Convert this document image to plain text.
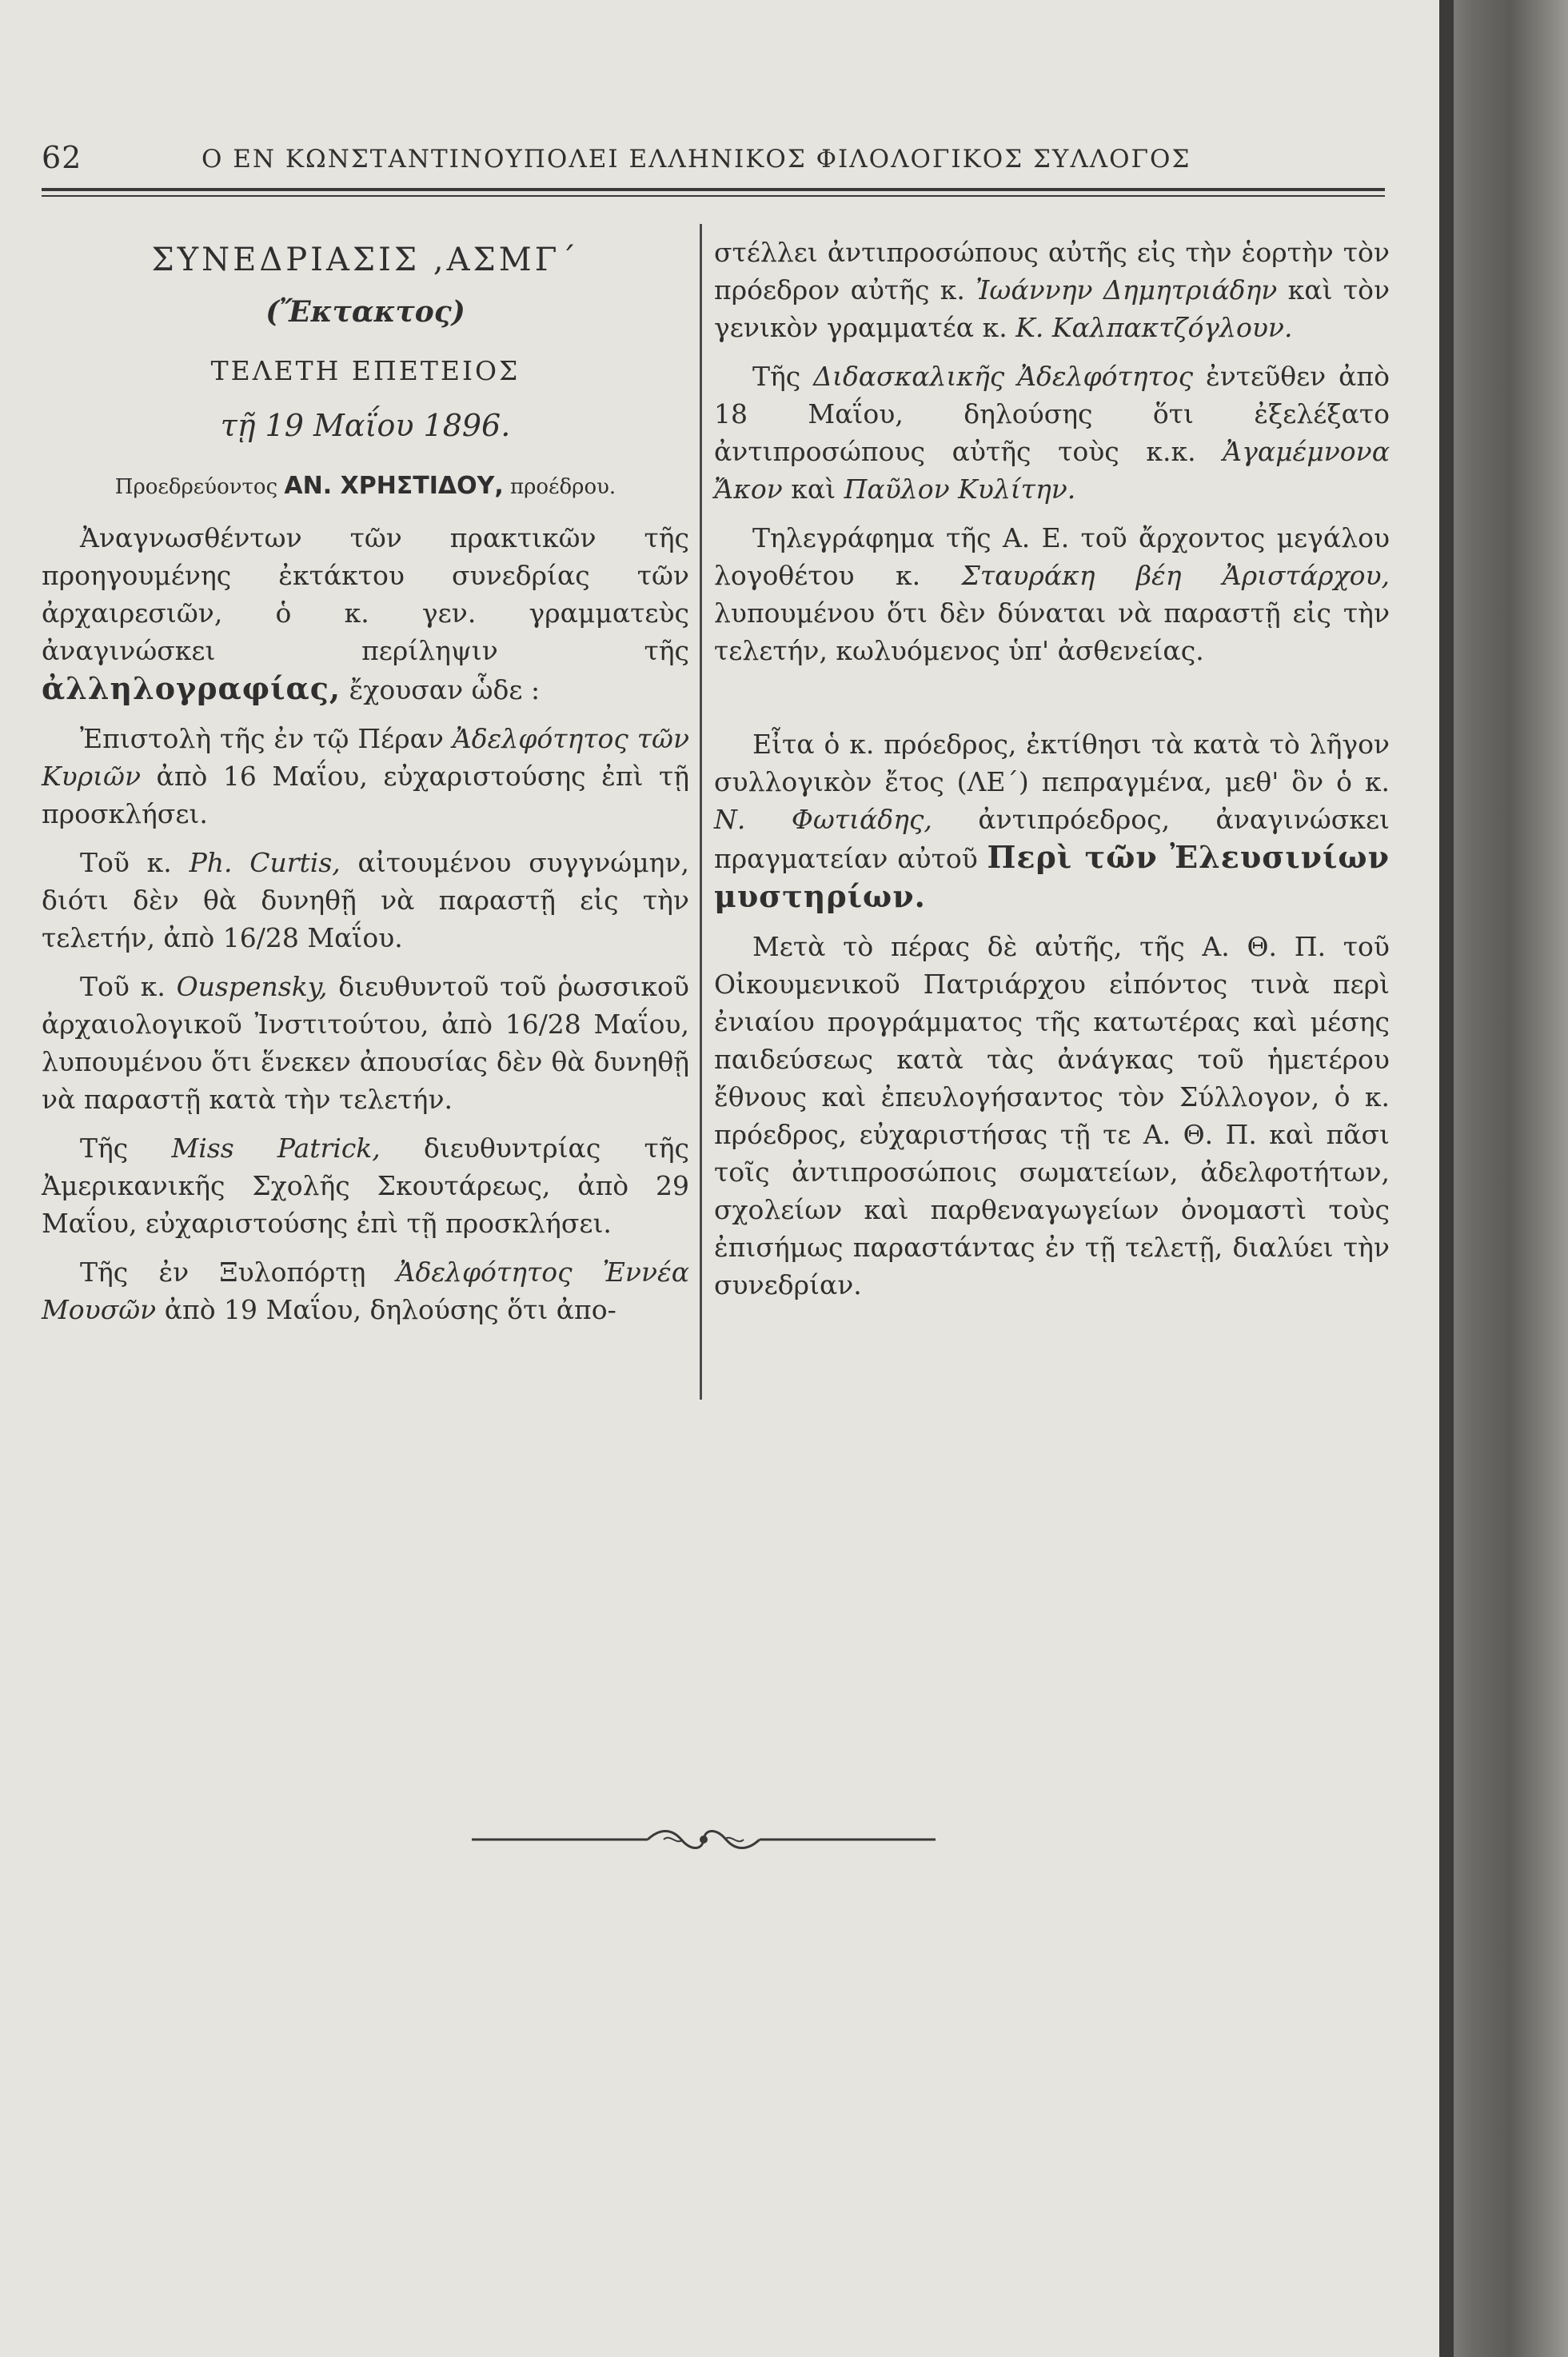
62	Ο ΕΝ ΚΩΝΣΤΑΝΤΙΝΟΥΠΟΛΕΙ ΕΛΛΗΝΙΚΟΣ ΦΙΛΟΛΟΓΙΚΟΣ ΣΥΛΛΟΓΟΣ
ΣΥΝΕΔΡΙΑΣΙΣ ,ΑΣΜΓ΄
(Ἔκτακτος)
ΤΕΛΕΤΗ ΕΠΕΤΕΙΟΣ
τῇ 19 Μαΐου 1896.
Προεδρεύοντος ΑΝ. ΧΡΗΣΤΙΔΟΥ, προέδρου.

Ἀναγνωσθέντων τῶν πρακτικῶν τῆς προηγουμένης ἐκτάκτου συνεδρίας τῶν ἀρχαιρεσιῶν, ὁ κ. γεν. γραμματεὺς ἀναγινώσκει περίληψιν τῆς ἀλληλογραφίας, ἔχουσαν ὧδε :

Ἐπιστολὴ τῆς ἐν τῷ Πέραν Ἀδελφότητος τῶν Κυριῶν ἀπὸ 16 Μαΐου, εὐχαριστούσης ἐπὶ τῇ προσκλήσει.

Τοῦ κ. Ph. Curtis, αἰτουμένου συγγνώμην, διότι δὲν θὰ δυνηθῇ νὰ παραστῇ εἰς τὴν τελετήν, ἀπὸ 16/28 Μαΐου.

Τοῦ κ. Ouspensky, διευθυντοῦ τοῦ ῥωσσικοῦ ἀρχαιολογικοῦ Ἰνστιτούτου, ἀπὸ 16/28 Μαΐου, λυπουμένου ὅτι ἕνεκεν ἀπουσίας δὲν θὰ δυνηθῇ νὰ παραστῇ κατὰ τὴν τελετήν.

Τῆς Miss Patrick, διευθυντρίας τῆς Ἀμερικανικῆς Σχολῆς Σκουτάρεως, ἀπὸ 29 Μαΐου, εὐχαριστούσης ἐπὶ τῇ προσκλήσει.

Τῆς ἐν Ξυλοπόρτῃ Ἀδελφότητος Ἐννέα Μουσῶν ἀπὸ 19 Μαΐου, δηλούσης ὅτι ἀπο-

στέλλει ἀντιπροσώπους αὐτῆς εἰς τὴν ἑορτὴν τὸν πρόεδρον αὐτῆς κ. Ἰωάννην Δημητριάδην καὶ τὸν γενικὸν γραμματέα κ. Κ. Καλπακτζόγλουν.

Τῆς Διδασκαλικῆς Ἀδελφότητος ἐντεῦθεν ἀπὸ 18 Μαΐου, δηλούσης ὅτι ἐξελέξατο ἀντιπροσώπους αὐτῆς τοὺς κ.κ. Ἀγαμέμνονα Ἄκον καὶ Παῦλον Κυλίτην.

Τηλεγράφημα τῆς Α. Ε. τοῦ ἄρχοντος μεγάλου λογοθέτου κ. Σταυράκη βέη Ἀριστάρχου, λυπουμένου ὅτι δὲν δύναται νὰ παραστῇ εἰς τὴν τελετήν, κωλυόμενος ὑπ' ἀσθενείας.

Εἶτα ὁ κ. πρόεδρος, ἐκτίθησι τὰ κατὰ τὸ λῆγον συλλογικὸν ἔτος (ΛΕ΄) πεπραγμένα, μεθ' ὃν ὁ κ. Ν. Φωτιάδης, ἀντιπρόεδρος, ἀναγινώσκει πραγματείαν αὐτοῦ Περὶ τῶν Ἐλευσινίων μυστηρίων.

Μετὰ τὸ πέρας δὲ αὐτῆς, τῆς Α. Θ. Π. τοῦ Οἰκουμενικοῦ Πατριάρχου εἰπόντος τινὰ περὶ ἐνιαίου προγράμματος τῆς κατωτέρας καὶ μέσης παιδεύσεως κατὰ τὰς ἀνάγκας τοῦ ἡμετέρου ἔθνους καὶ ἐπευλογήσαντος τὸν Σύλλογον, ὁ κ. πρόεδρος, εὐχαριστήσας τῇ τε Α. Θ. Π. καὶ πᾶσι τοῖς ἀντιπροσώποις σωματείων, ἀδελφοτήτων, σχολείων καὶ παρθεναγωγείων ὀνομαστὶ τοὺς ἐπισήμως παραστάντας ἐν τῇ τελετῇ, διαλύει τὴν συνεδρίαν.
